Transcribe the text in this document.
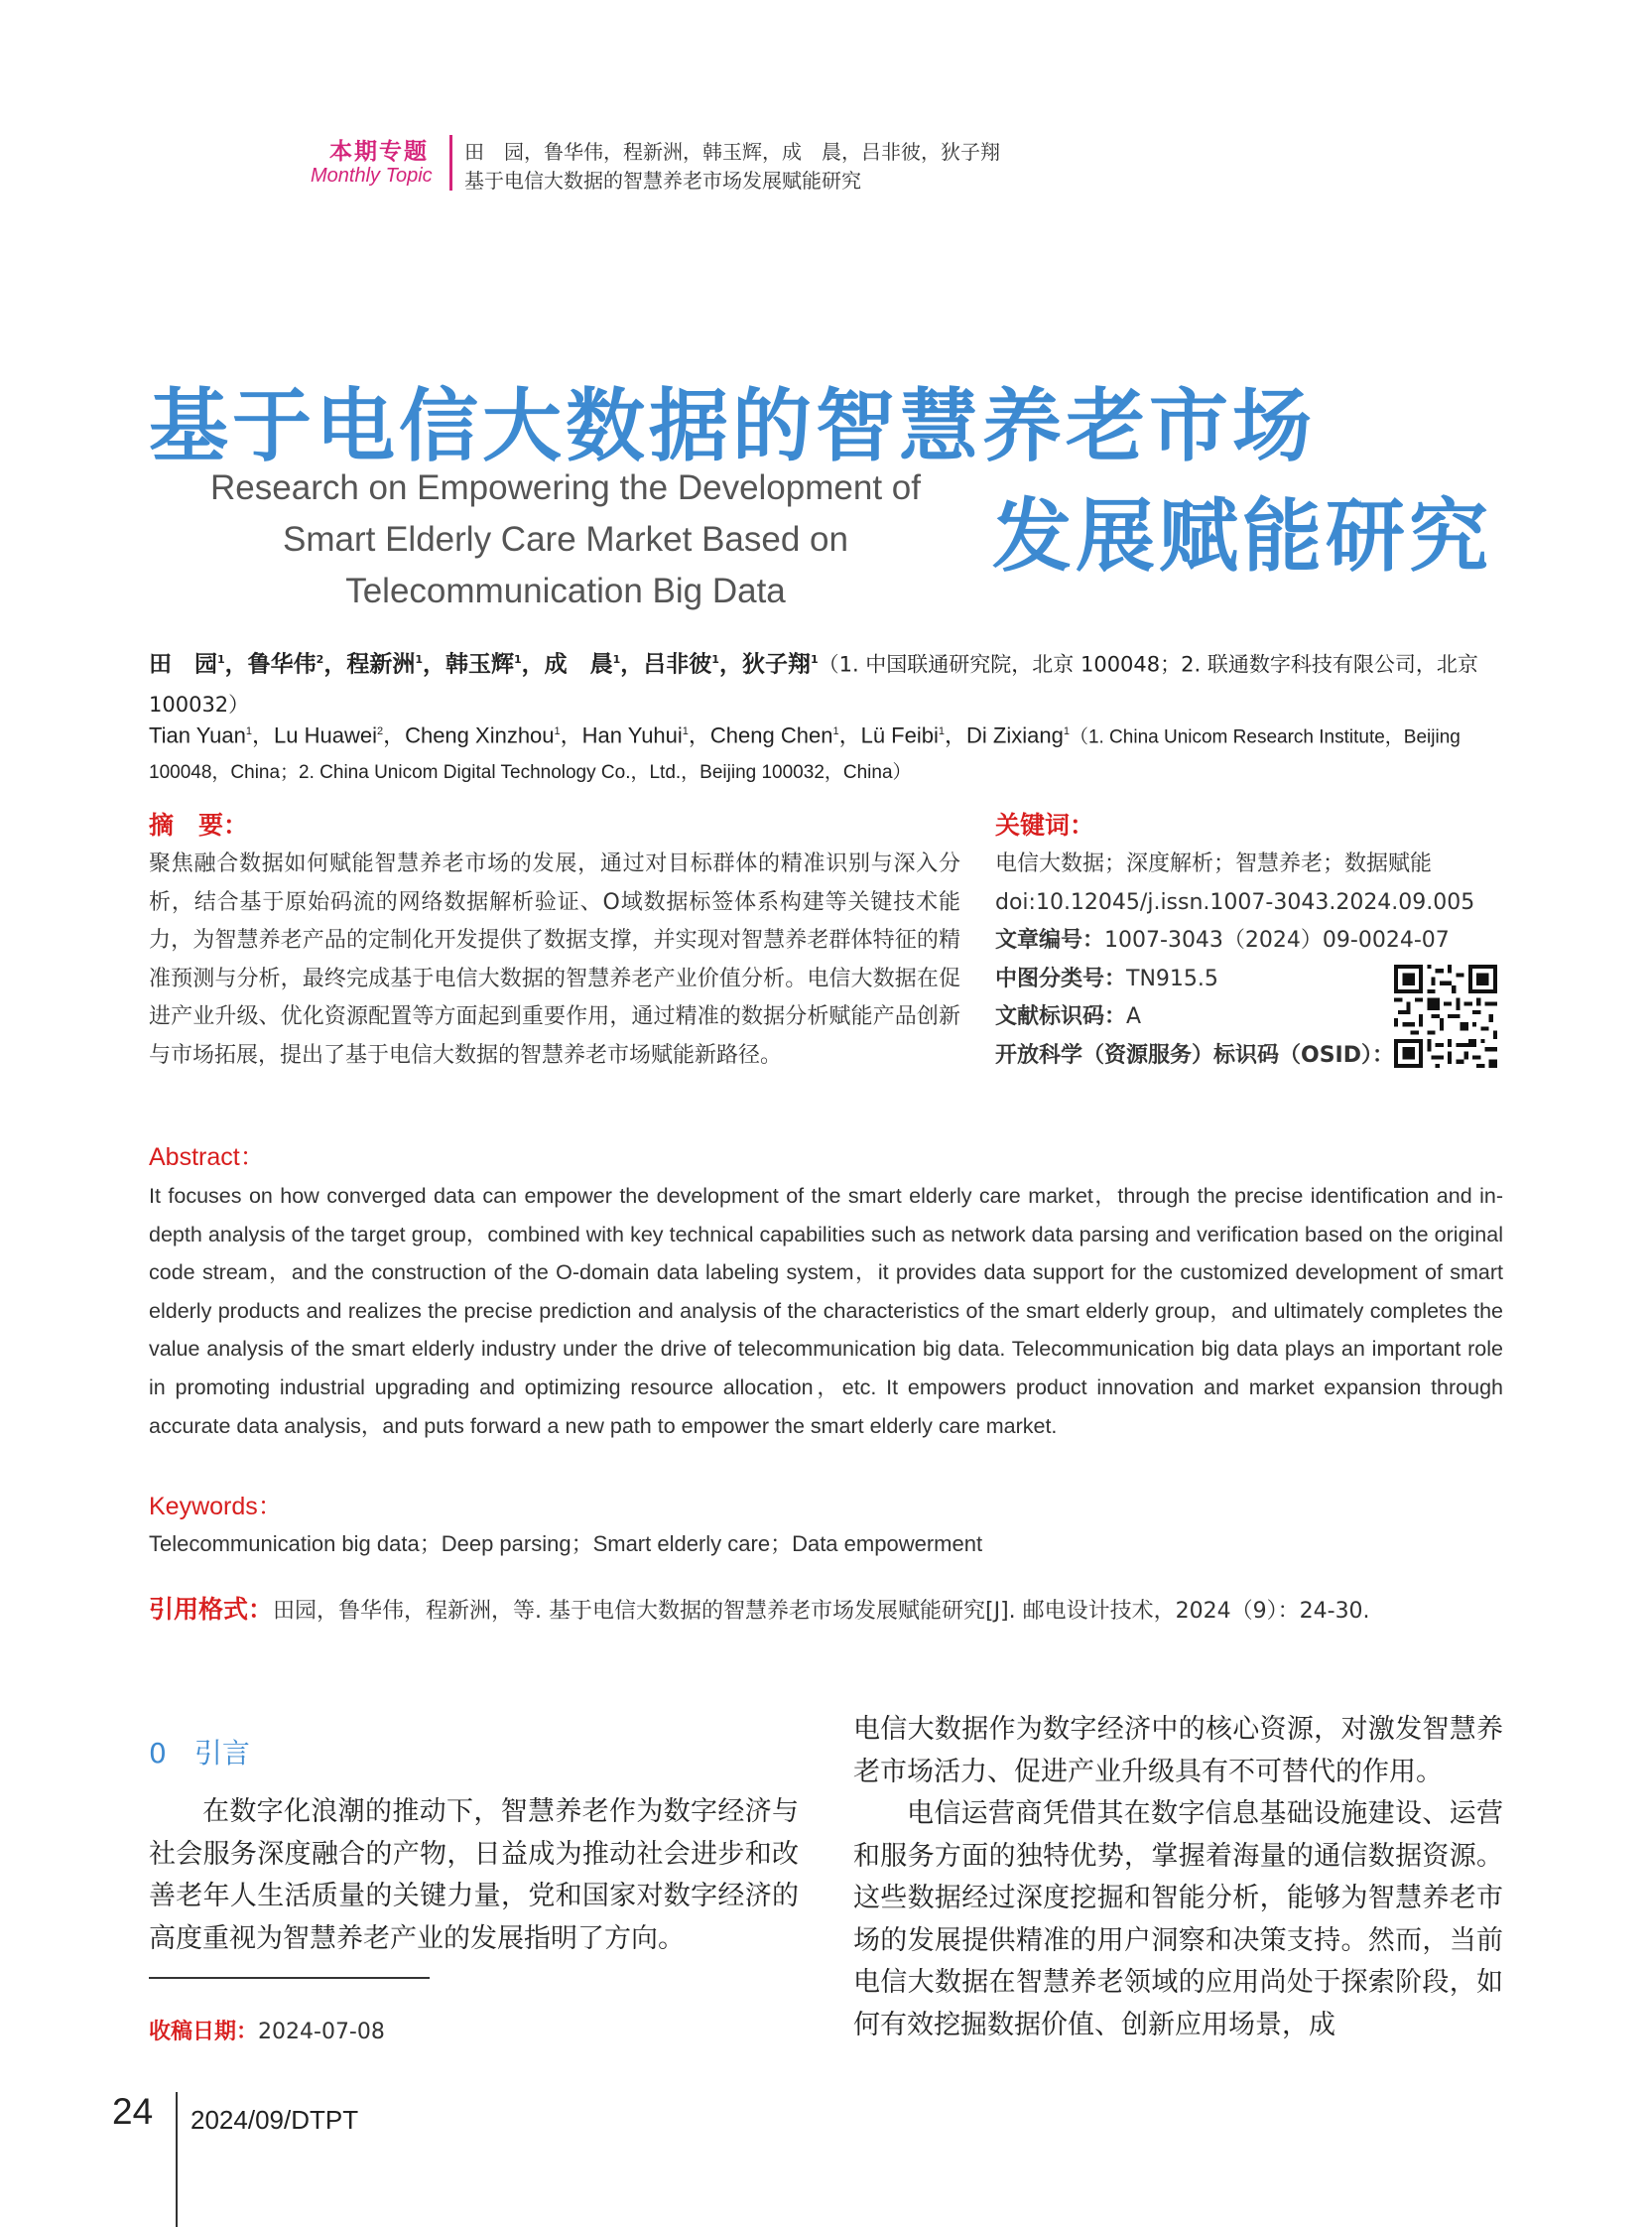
本期专题
Monthly Topic
田　园，鲁华伟，程新洲，韩玉辉，成　晨，吕非彼，狄子翔
基于电信大数据的智慧养老市场发展赋能研究
基于电信大数据的智慧养老市场
发展赋能研究
Research on Empowering the Development of
Smart Elderly Care Market Based on
Telecommunication Big Data
田　园$^1$，鲁华伟$^2$，程新洲$^1$，韩玉辉$^1$，成　晨$^1$，吕非彼$^1$，狄子翔$^1$（1. 中国联通研究院，北京 100048；2. 联通数字科技有限公司，北京 100032）
Tian Yuan$^1$，Lu Huawei$^2$，Cheng Xinzhou$^1$，Han Yuhui$^1$，Cheng Chen$^1$，Lü Feibi$^1$，Di Zixiang$^1$（1. China Unicom Research Institute，Beijing 100048，China；2. China Unicom Digital Technology Co.，Ltd.，Beijing 100032，China）
摘　要：	关键词：
聚焦融合数据如何赋能智慧养老市场的发展，通过对目标群体的精准识别与深入分析，结合基于原始码流的网络数据解析验证、O域数据标签体系构建等关键技术能力，为智慧养老产品的定制化开发提供了数据支撑，并实现对智慧养老群体特征的精准预测与分析，最终完成基于电信大数据的智慧养老产业价值分析。电信大数据在促进产业升级、优化资源配置等方面起到重要作用，通过精准的数据分析赋能产品创新与市场拓展，提出了基于电信大数据的智慧养老市场赋能新路径。
电信大数据；深度解析；智慧养老；数据赋能
doi:10.12045/j.issn.1007-3043.2024.09.005
文章编号：1007-3043（2024）09-0024-07
中图分类号：TN915.5
文献标识码：A
开放科学（资源服务）标识码（OSID）：
Abstract：
It focuses on how converged data can empower the development of the smart elderly care market，through the precise identification and in-depth analysis of the target group，combined with key technical capabilities such as network data parsing and verification based on the original code stream，and the construction of the O-domain data labeling system，it provides data support for the customized development of smart elderly products and realizes the precise prediction and analysis of the characteristics of the smart elderly group，and ultimately completes the value analysis of the smart elderly industry under the drive of telecommunication big data. Telecommunication big data plays an important role in promoting industrial upgrading and optimizing resource allocation，etc. It empowers product innovation and market expansion through accurate data analysis，and puts forward a new path to empower the smart elderly care market.
Keywords：
Telecommunication big data；Deep parsing；Smart elderly care；Data empowerment
引用格式：田园，鲁华伟，程新洲，等. 基于电信大数据的智慧养老市场发展赋能研究[J]. 邮电设计技术，2024（9）：24-30.
0　引言

在数字化浪潮的推动下，智慧养老作为数字经济与社会服务深度融合的产物，日益成为推动社会进步和改善老年人生活质量的关键力量，党和国家对数字经济的高度重视为智慧养老产业的发展指明了方向。

电信大数据作为数字经济中的核心资源，对激发智慧养老市场活力、促进产业升级具有不可替代的作用。

电信运营商凭借其在数字信息基础设施建设、运营和服务方面的独特优势，掌握着海量的通信数据资源。这些数据经过深度挖掘和智能分析，能够为智慧养老市场的发展提供精准的用户洞察和决策支持。然而，当前电信大数据在智慧养老领域的应用尚处于探索阶段，如何有效挖掘数据价值、创新应用场景，成

收稿日期：2024-07-08
24 2024/09/DTPT
